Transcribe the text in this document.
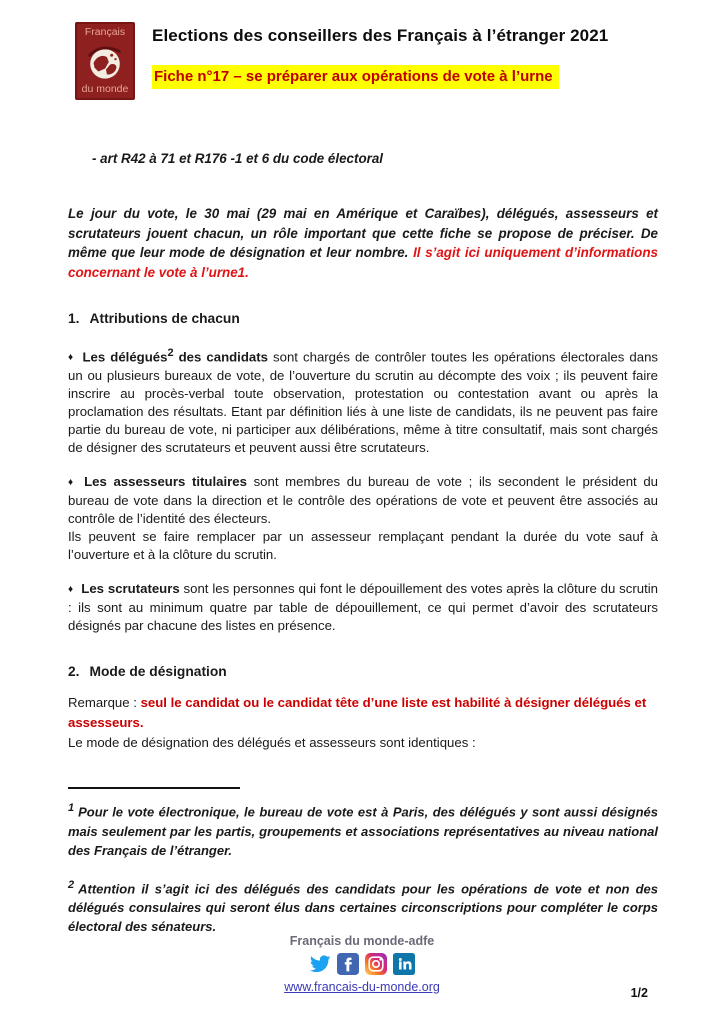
Français
du monde
Elections des conseillers des Français à l’étranger 2021
Fiche n°17 – se préparer aux opérations de vote à l’urne

- art R42 à 71 et R176 -1 et 6 du code électoral

Le jour du vote, le 30 mai (29 mai en Amérique et Caraïbes), délégués, assesseurs et scrutateurs jouent chacun, un rôle important que cette fiche se propose de préciser. De même que leur mode de désignation et leur nombre. Il s’agit ici uniquement d’informations concernant le vote à l’urne1.

1. Attributions de chacun

♦ Les délégués$^2$ des candidats sont chargés de contrôler toutes les opérations électorales dans un ou plusieurs bureaux de vote, de l’ouverture du scrutin au décompte des voix ; ils peuvent faire inscrire au procès-verbal toute observation, protestation ou contestation avant ou après la proclamation des résultats. Etant par définition liés à une liste de candidats, ils ne peuvent pas faire partie du bureau de vote, ni participer aux délibérations, même à titre consultatif, mais sont chargés de désigner des scrutateurs et peuvent aussi être scrutateurs.

♦ Les assesseurs titulaires sont membres du bureau de vote ; ils secondent le président du bureau de vote dans la direction et le contrôle des opérations de vote et peuvent être associés au contrôle de l’identité des électeurs.
Ils peuvent se faire remplacer par un assesseur remplaçant pendant la durée du vote sauf à l’ouverture et à la clôture du scrutin.

♦ Les scrutateurs sont les personnes qui font le dépouillement des votes après la clôture du scrutin : ils sont au minimum quatre par table de dépouillement, ce qui permet d’avoir des scrutateurs désignés par chacune des listes en présence.

2. Mode de désignation

Remarque : seul le candidat ou le candidat tête d’une liste est habilité à désigner délégués et assesseurs.
Le mode de désignation des délégués et assesseurs sont identiques :

$^1$ Pour le vote électronique, le bureau de vote est à Paris, des délégués y sont aussi désignés mais seulement par les partis, groupements et associations représentatives au niveau national des Français de l’étranger.

$^2$ Attention il s’agit ici des délégués des candidats pour les opérations de vote et non des délégués consulaires qui seront élus dans certaines circonscriptions pour compléter le corps électoral des sénateurs.

Français du monde-adfe
www.francais-du-monde.org	1/2
